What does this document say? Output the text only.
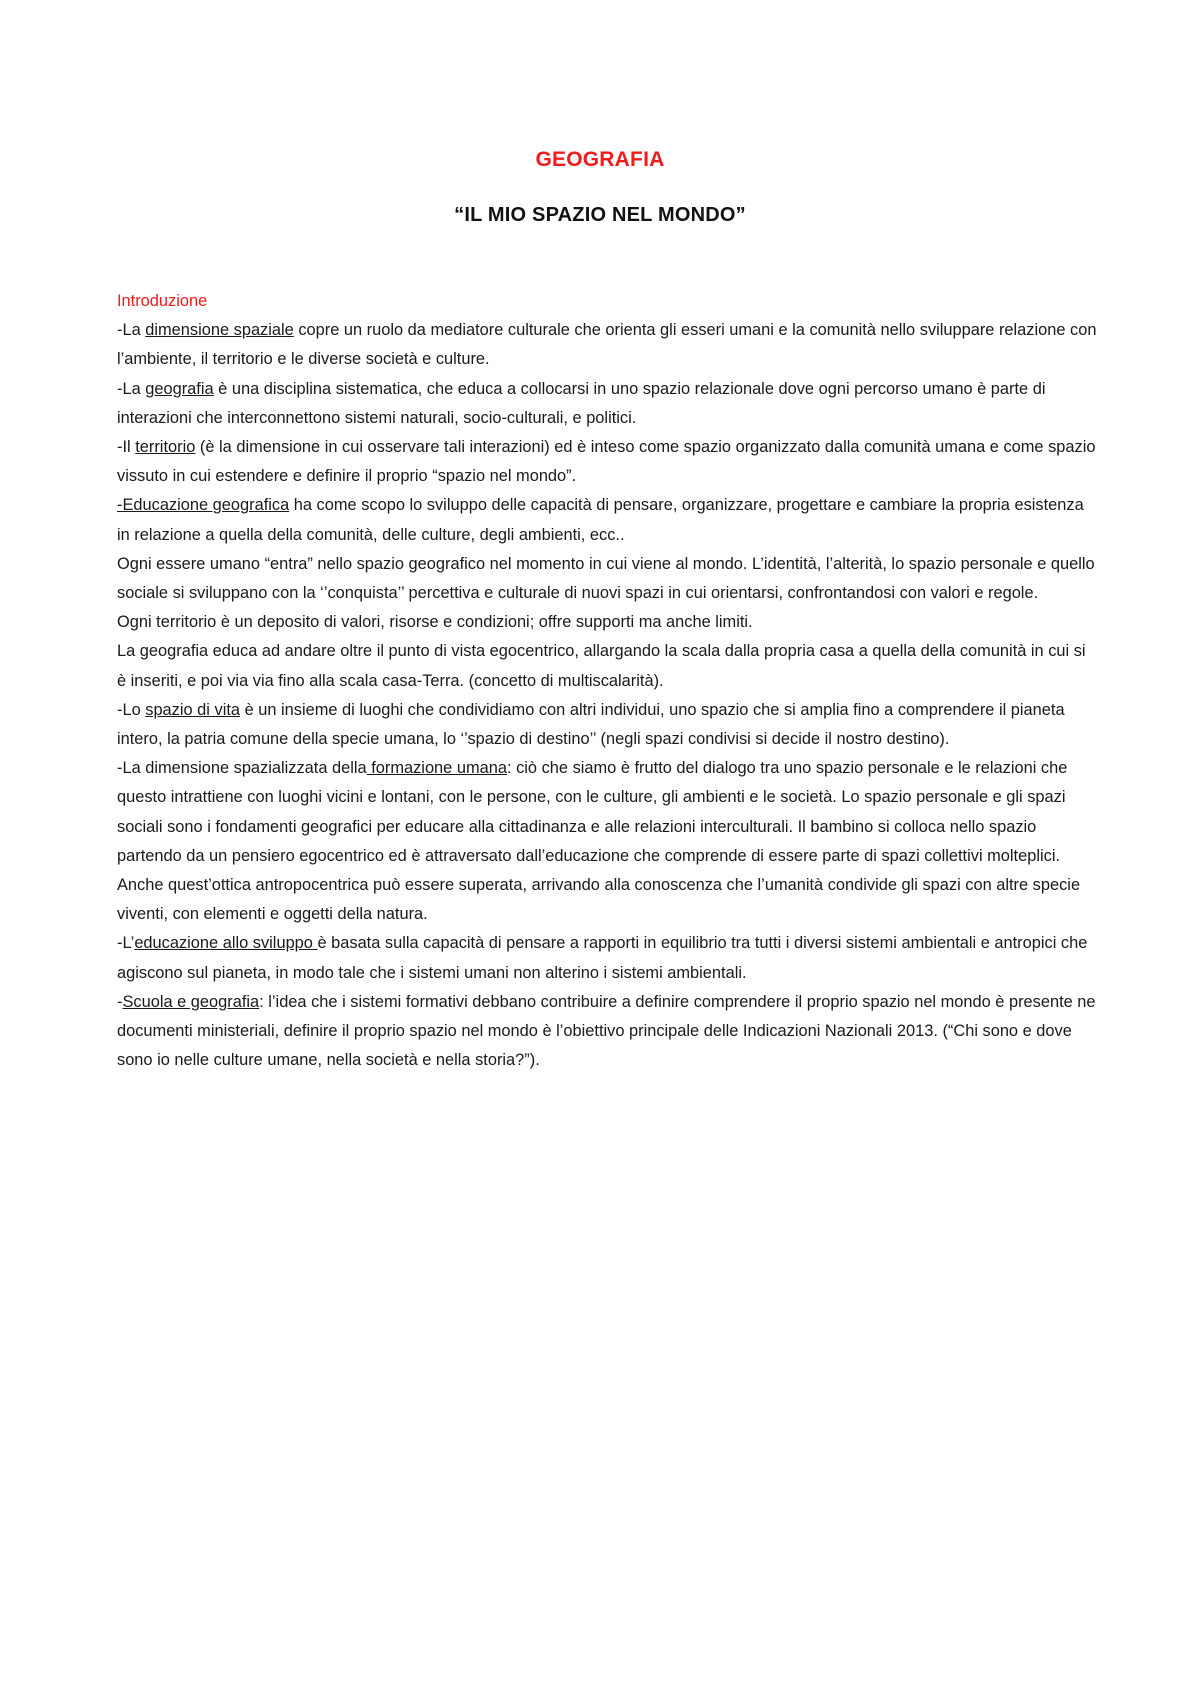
GEOGRAFIA
“IL MIO SPAZIO NEL MONDO”

Introduzione

-La dimensione spaziale copre un ruolo da mediatore culturale che orienta gli esseri umani e la comunità nello sviluppare relazione con l’ambiente, il territorio e le diverse società e culture.

-La geografia è una disciplina sistematica, che educa a collocarsi in uno spazio relazionale dove ogni percorso umano è parte di interazioni che interconnettono sistemi naturali, socio-culturali, e politici.

-Il territorio (è la dimensione in cui osservare tali interazioni) ed è inteso come spazio organizzato dalla comunità umana e come spazio vissuto in cui estendere e definire il proprio “spazio nel mondo”.

-Educazione geografica ha come scopo lo sviluppo delle capacità di pensare, organizzare, progettare e cambiare la propria esistenza in relazione a quella della comunità, delle culture, degli ambienti, ecc..

Ogni essere umano “entra” nello spazio geografico nel momento in cui viene al mondo. L’identità, l’alterità, lo spazio personale e quello sociale si sviluppano con la ‘’conquista’’ percettiva e culturale di nuovi spazi in cui orientarsi, confrontandosi con valori e regole.

Ogni territorio è un deposito di valori, risorse e condizioni; offre supporti ma anche limiti.

La geografia educa ad andare oltre il punto di vista egocentrico, allargando la scala dalla propria casa a quella della comunità in cui si è inseriti, e poi via via fino alla scala casa-Terra. (concetto di multiscalarità).

-Lo spazio di vita è un insieme di luoghi che condividiamo con altri individui, uno spazio che si amplia fino a comprendere il pianeta intero, la patria comune della specie umana, lo ‘’spazio di destino’’ (negli spazi condivisi si decide il nostro destino).

-La dimensione spazializzata della formazione umana: ciò che siamo è frutto del dialogo tra uno spazio personale e le relazioni che questo intrattiene con luoghi vicini e lontani, con le persone, con le culture, gli ambienti e le società. Lo spazio personale e gli spazi sociali sono i fondamenti geografici per educare alla cittadinanza e alle relazioni interculturali. Il bambino si colloca nello spazio partendo da un pensiero egocentrico ed è attraversato dall’educazione che comprende di essere parte di spazi collettivi molteplici. Anche quest’ottica antropocentrica può essere superata, arrivando alla conoscenza che l’umanità condivide gli spazi con altre specie viventi, con elementi e oggetti della natura.

-L’educazione allo sviluppo è basata sulla capacità di pensare a rapporti in equilibrio tra tutti i diversi sistemi ambientali e antropici che agiscono sul pianeta, in modo tale che i sistemi umani non alterino i sistemi ambientali.

-Scuola e geografia: l’idea che i sistemi formativi debbano contribuire a definire comprendere il proprio spazio nel mondo è presente ne documenti ministeriali, definire il proprio spazio nel mondo è l’obiettivo principale delle Indicazioni Nazionali 2013. (“Chi sono e dove sono io nelle culture umane, nella società e nella storia?”).
